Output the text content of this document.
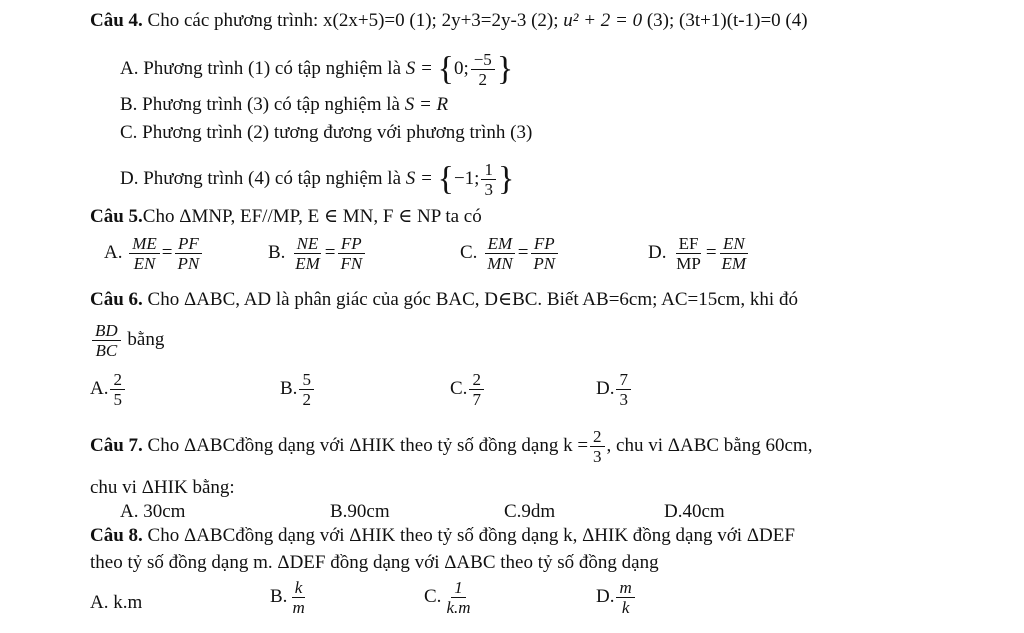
Câu 4. Cho các phương trình: x(2x+5)=0 (1); 2y+3=2y-3 (2); u² + 2 = 0 (3); (3t+1)(t-1)=0 (4)
A. Phương trình (1) có tập nghiệm là S = {0; $\frac{-5}{2}$ }
B. Phương trình (3) có tập nghiệm là S = R
C. Phương trình (2) tương đương với phương trình (3)
D. Phương trình (4) có tập nghiệm là S = {−1; $\frac{1}{3}$ }
Câu 5.Cho ΔMNP, EF//MP, E ∈ MN, F ∈ NP ta có
A. $\frac{ME}{EN} = \frac{PF}{PN}$	B. $\frac{NE}{EM} = \frac{FP}{FN}$	C. $\frac{EM}{MN} = \frac{FP}{PN}$	D. $\frac{EF}{MP} = \frac{EN}{EM}$
Câu 6. Cho ΔABC, AD là phân giác của góc BAC, D∈BC. Biết AB=6cm; AC=15cm, khi đó
$\frac{BD}{BC}$ bằng
A. $\frac{2}{5}$	B. $\frac{5}{2}$	C. $\frac{2}{7}$	D. $\frac{7}{3}$
Câu 7. Cho ΔABCđồng dạng với ΔHIK theo tỷ số đồng dạng $k = \frac{2}{3}$ , chu vi ΔABC bằng 60cm,
chu vi ΔHIK bằng:
A. 30cm	B.90cm	C.9dm	D.40cm
Câu 8. Cho ΔABCđồng dạng với ΔHIK theo tỷ số đồng dạng k, ΔHIK đồng dạng với ΔDEF
theo tỷ số đồng dạng m. ΔDEF đồng dạng với ΔABC theo tỷ số đồng dạng
A. k.m	B. $\frac{k}{m}$	C. $\frac{1}{k.m}$	D. $\frac{m}{k}$
